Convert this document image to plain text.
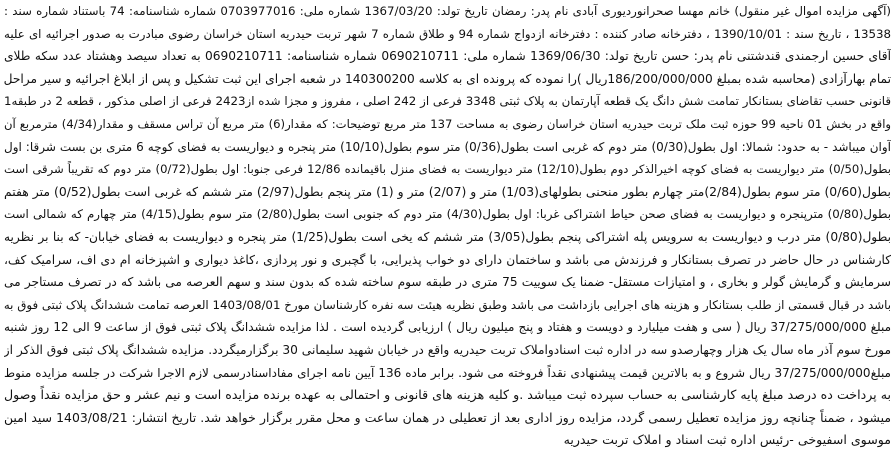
(آگهی مزایده اموال غیر منقول) خانم مهسا صحرانوردیوری آبادی نام پدر: رمضان تاریخ تولد: 1367/03/20 شماره ملی: 0703977016 شماره شناسنامه: 74 باستناد شماره سند :
13538 ، تاریخ سند : 1390/10/01 ، دفترخانه صادر کننده : دفترخانه ازدواج شماره 94 و طلاق شماره 7 شهر تربت حیدریه استان خراسان رضوی مبادرت به صدور اجرائیه ای علیه
آقای حسین ارجمندی قندشتنی نام پدر: حسن تاریخ تولد: 1369/06/30 شماره ملی: 0690210711 شماره شناسنامه: 0690210711 به تعداد سیصد وهشتاد عدد سکه طلای
تمام بهارآزادی (محاسبه شده بمبلغ 186/200/000/000ریال )را نموده که پرونده ای به کلاسه 140300200 در شعبه اجرای این ثبت تشکیل و پس از ابلاغ اجرائیه و سیر مراحل
قانونی حسب تقاضای بستانکار تمامت شش دانگ یک قطعه آپارتمان به پلاک ثبتی 3348 فرعی از 242 اصلی ، مفروز و مجزا شده از2423 فرعی از اصلی مذکور ، قطعه 2 در طبقه1
واقع در بخش 01 ناحیه 99 حوزه ثبت ملک تربت حیدریه استان خراسان رضوی به مساحت 137 متر مربع توضیحات: که مقدار(6) متر مربع آن تراس مسقف و مقدار(4/34) مترمربع آن
آوان میباشد - به حدود: شمالا: اول بطول(0/30) متر دوم که غربی است بطول(0/36) متر سوم بطول(10/10) متر پنجره و دیواریست به فضای کوچه 6 متری بن بست شرقا: اول
بطول(0/50) متر دیواریست به فضای کوچه اخیرالذکر دوم بطول(12/10) متر دیواریست به فضای منزل باقیمانده 12/86 فرعی جنوبا: اول بطول(0/72) متر دوم که تقریباً شرقی است
بطول(0/60) متر سوم بطول(2/84)متر چهارم بطور منحنی بطولهای(1/03) متر و (2/07) متر و (1) متر پنجم بطول(2/97) متر ششم که غربی است بطول(0/52) متر هفتم
بطول(0/80) مترپنجره و دیواریست به فضای صحن حیاط اشتراکی غربا: اول بطول(4/30) متر دوم که جنوبی است بطول(2/80) متر سوم بطول(4/15) متر چهارم که شمالی است
بطول(0/80) متر درب و دیواریست به سرویس پله اشتراکی پنجم بطول(3/05) متر ششم که یخی است بطول(1/25) متر پنجره و دیواریست به فضای خیابان- که بنا بر نظریه
کارشناس در حال حاضر در تصرف بستانکار و فرزندش می باشد و ساختمان دارای دو خواب پذیرایی، با گچبری و نور پردازی ،کاغذ دیواری و اشپزخانه ام دی اف، سرامیک کف،
سرمایش و گرمایش گولر و بخاری ، و امتیازات مستقل- ضمنا یک سوییت 75 متری در طبقه سوم ساخته شده که بدون سند و سهم العرصه می باشد که در تصرف مستاجر می
باشد در قبال قسمتی از طلب بستانکار و هزینه های اجرایی بازداشت می باشد وطبق نظریه هیئت سه نفره کارشناسان مورخ 1403/08/01 العرصه تمامت ششدانگ پلاک ثبتی فوق به
مبلغ 37/275/000/000 ریال ( سی و هفت میلیارد و دویست و هفتاد و پنج میلیون ریال ) ارزیابی گردیده است . لذا مزایده ششدانگ پلاک ثبتی فوق از ساعت 9 الی 12 روز شنبه
مورخ سوم آذر ماه سال یک هزار وچهارصدو سه در اداره ثبت اسنادواملاک تربت حیدریه واقع در خیابان شهید سلیمانی 30 برگزارمیگردد. مزایده ششدانگ پلاک ثبتی فوق الذکر از
مبلغ37/275/000/000 ریال شروع و به بالاترین قیمت پیشنهادی نقداً فروخته می شود. برابر ماده 136 آیین نامه اجرای مفاداسنادرسمی لازم الاجرا شرکت در جلسه مزایده منوط
به پرداخت ده درصد مبلغ پایه کارشناسی به حساب سپرده ثبت میباشد .و کلیه هزینه های قانونی و احتمالی به عهده برنده مزایده است و نیم عشر و حق مزایده نقداً وصول
میشود ، ضمناً چنانچه روز مزایده تعطیل رسمی گردد، مزایده روز اداری بعد از تعطیلی در همان ساعت و محل مقرر برگزار خواهد شد. تاریخ انتشار: 1403/08/21 سید امین
موسوی اسفیوخی -رئیس اداره ثبت اسناد و املاک تربت حیدریه
